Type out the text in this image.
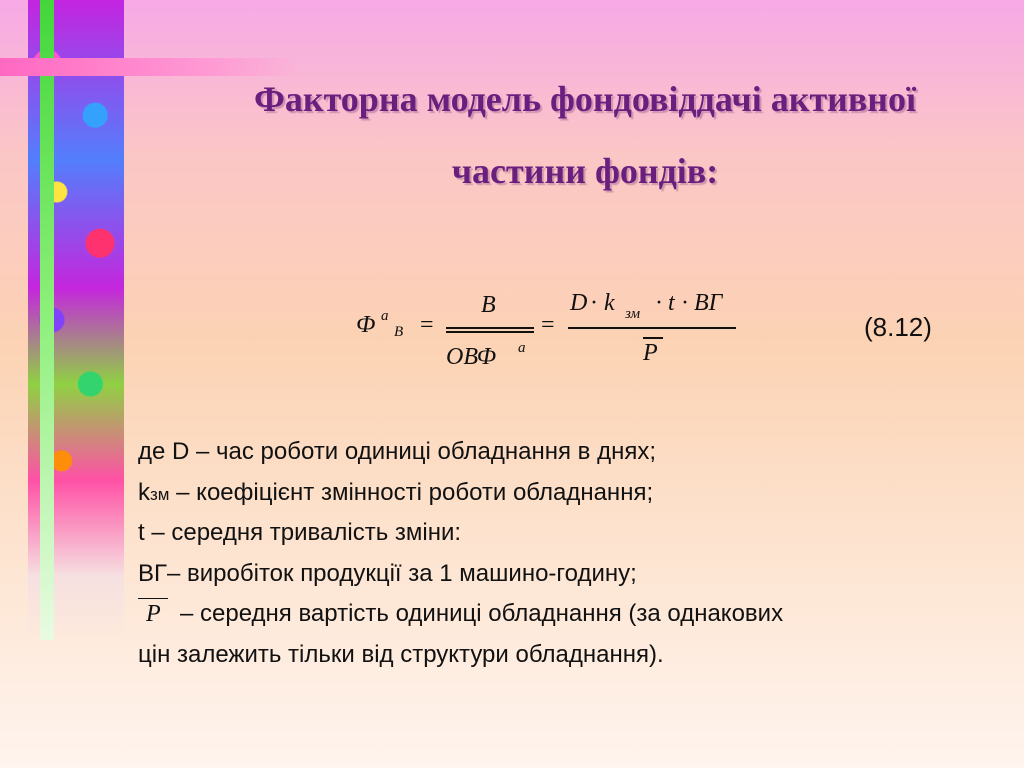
Факторна модель фондовіддачі активної
частини фондів:
Ф а
В =
В
ОВФ а
=
D · k зм · t · ВГ
P
(8.12)
де D – час роботи одиниці обладнання в днях;
kзм – коефіцієнт змінності роботи обладнання;
t – середня тривалість зміни:
ВГ– виробіток продукції за 1 машино-годину;
P – середня вартість одиниці обладнання (за однакових
цін залежить тільки від структури обладнання).
